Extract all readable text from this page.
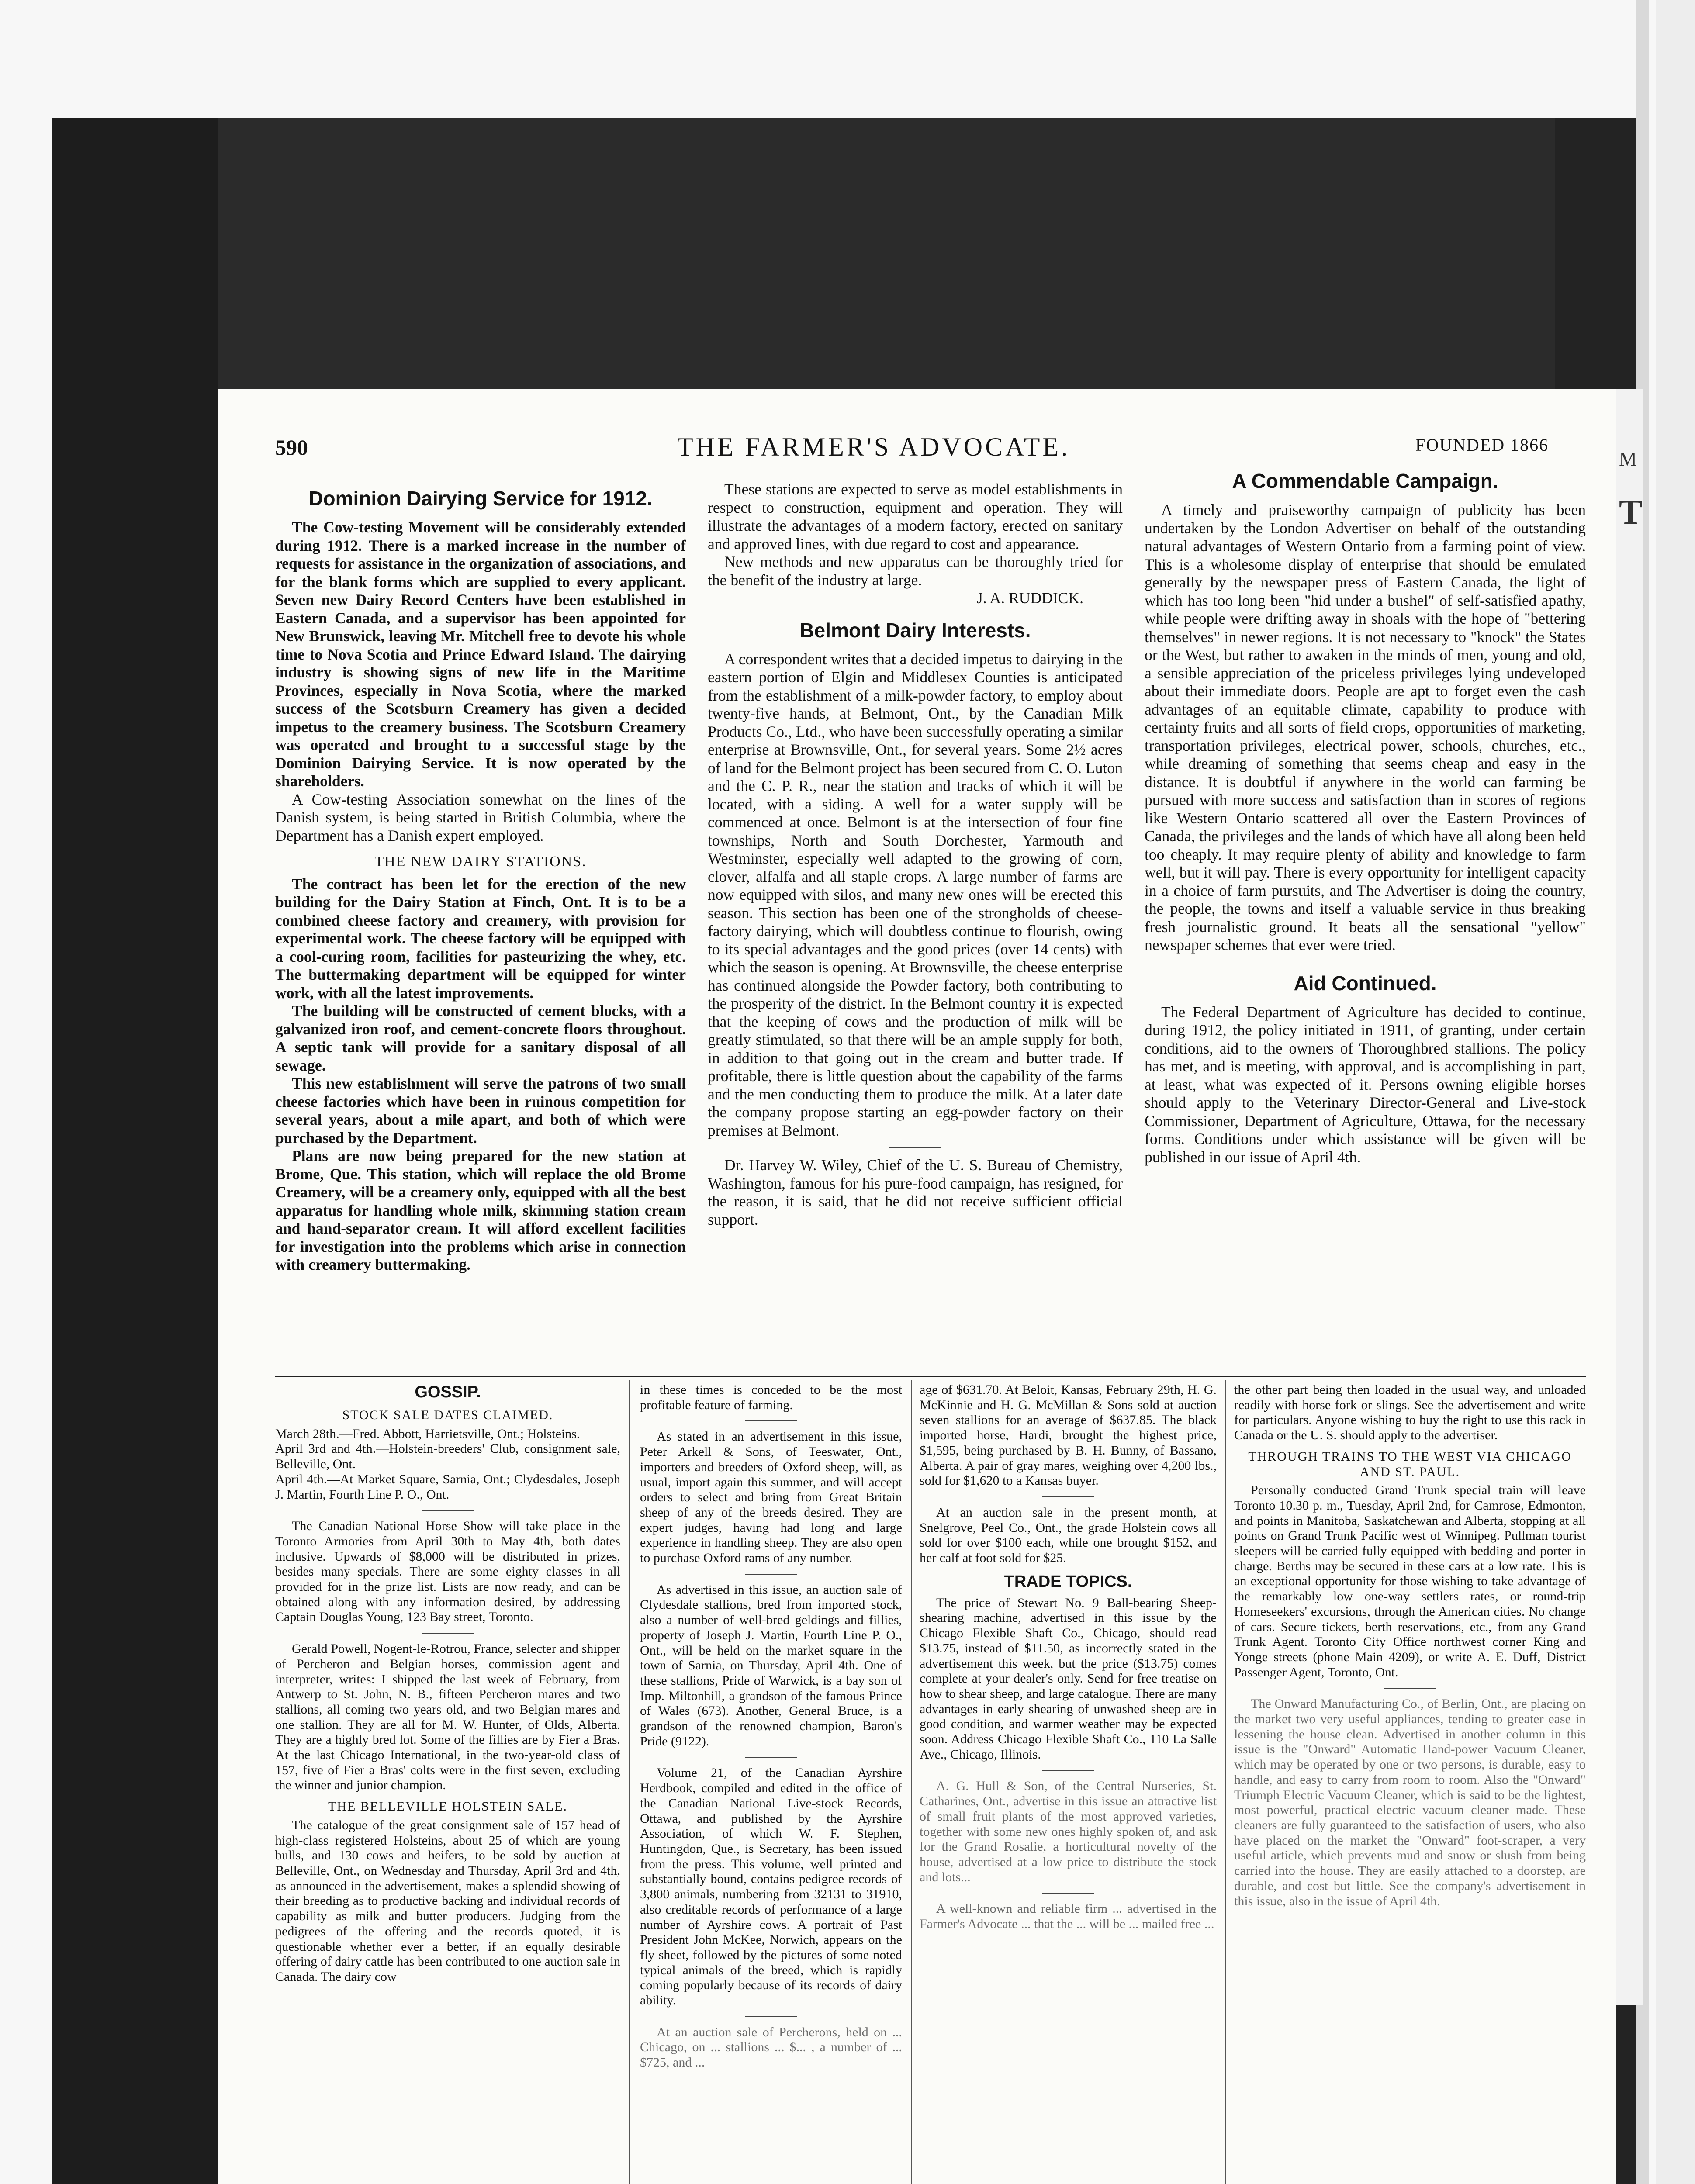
M
T
590	THE FARMER'S ADVOCATE.	FOUNDED 1866
Dominion Dairying Service for 1912.

The Cow-testing Movement will be considerably extended during 1912. There is a marked increase in the number of requests for assistance in the organization of associations, and for the blank forms which are supplied to every applicant. Seven new Dairy Record Centers have been established in Eastern Canada, and a supervisor has been appointed for New Brunswick, leaving Mr. Mitchell free to devote his whole time to Nova Scotia and Prince Edward Island. The dairying industry is showing signs of new life in the Maritime Provinces, especially in Nova Scotia, where the marked success of the Scotsburn Creamery has given a decided impetus to the creamery business. The Scotsburn Creamery was operated and brought to a successful stage by the Dominion Dairying Service. It is now operated by the shareholders.

A Cow-testing Association somewhat on the lines of the Danish system, is being started in British Columbia, where the Department has a Danish expert employed.

THE NEW DAIRY STATIONS.

The contract has been let for the erection of the new building for the Dairy Station at Finch, Ont. It is to be a combined cheese factory and creamery, with provision for experimental work. The cheese factory will be equipped with a cool-curing room, facilities for pasteurizing the whey, etc. The buttermaking department will be equipped for winter work, with all the latest improvements.

The building will be constructed of cement blocks, with a galvanized iron roof, and cement-concrete floors throughout. A septic tank will provide for a sanitary disposal of all sewage.

This new establishment will serve the patrons of two small cheese factories which have been in ruinous competition for several years, about a mile apart, and both of which were purchased by the Department.

Plans are now being prepared for the new station at Brome, Que. This station, which will replace the old Brome Creamery, will be a creamery only, equipped with all the best apparatus for handling whole milk, skimming station cream and hand-separator cream. It will afford excellent facilities for investigation into the problems which arise in connection with creamery buttermaking.

These stations are expected to serve as model establishments in respect to construction, equipment and operation. They will illustrate the advantages of a modern factory, erected on sanitary and approved lines, with due regard to cost and appearance.

New methods and new apparatus can be thoroughly tried for the benefit of the industry at large.

J. A. RUDDICK.

Belmont Dairy Interests.

A correspondent writes that a decided impetus to dairying in the eastern portion of Elgin and Middlesex Counties is anticipated from the establishment of a milk-powder factory, to employ about twenty-five hands, at Belmont, Ont., by the Canadian Milk Products Co., Ltd., who have been successfully operating a similar enterprise at Brownsville, Ont., for several years. Some 2½ acres of land for the Belmont project has been secured from C. O. Luton and the C. P. R., near the station and tracks of which it will be located, with a siding. A well for a water supply will be commenced at once. Belmont is at the intersection of four fine townships, North and South Dorchester, Yarmouth and Westminster, especially well adapted to the growing of corn, clover, alfalfa and all staple crops. A large number of farms are now equipped with silos, and many new ones will be erected this season. This section has been one of the strongholds of cheese-factory dairying, which will doubtless continue to flourish, owing to its special advantages and the good prices (over 14 cents) with which the season is opening. At Brownsville, the cheese enterprise has continued alongside the Powder factory, both contributing to the prosperity of the district. In the Belmont country it is expected that the keeping of cows and the production of milk will be greatly stimulated, so that there will be an ample supply for both, in addition to that going out in the cream and butter trade. If profitable, there is little question about the capability of the farms and the men conducting them to produce the milk. At a later date the company propose starting an egg-powder factory on their premises at Belmont.

Dr. Harvey W. Wiley, Chief of the U. S. Bureau of Chemistry, Washington, famous for his pure-food campaign, has resigned, for the reason, it is said, that he did not receive sufficient official support.

A Commendable Campaign.

A timely and praiseworthy campaign of publicity has been undertaken by the London Advertiser on behalf of the outstanding natural advantages of Western Ontario from a farming point of view. This is a wholesome display of enterprise that should be emulated generally by the newspaper press of Eastern Canada, the light of which has too long been "hid under a bushel" of self-satisfied apathy, while people were drifting away in shoals with the hope of "bettering themselves" in newer regions. It is not necessary to "knock" the States or the West, but rather to awaken in the minds of men, young and old, a sensible appreciation of the priceless privileges lying undeveloped about their immediate doors. People are apt to forget even the cash advantages of an equitable climate, capability to produce with certainty fruits and all sorts of field crops, opportunities of marketing, transportation privileges, electrical power, schools, churches, etc., while dreaming of something that seems cheap and easy in the distance. It is doubtful if anywhere in the world can farming be pursued with more success and satisfaction than in scores of regions like Western Ontario scattered all over the Eastern Provinces of Canada, the privileges and the lands of which have all along been held too cheaply. It may require plenty of ability and knowledge to farm well, but it will pay. There is every opportunity for intelligent capacity in a choice of farm pursuits, and The Advertiser is doing the country, the people, the towns and itself a valuable service in thus breaking fresh journalistic ground. It beats all the sensational "yellow" newspaper schemes that ever were tried.

Aid Continued.

The Federal Department of Agriculture has decided to continue, during 1912, the policy initiated in 1911, of granting, under certain conditions, aid to the owners of Thoroughbred stallions. The policy has met, and is meeting, with approval, and is accomplishing in part, at least, what was expected of it. Persons owning eligible horses should apply to the Veterinary Director-General and Live-stock Commissioner, Department of Agriculture, Ottawa, for the necessary forms. Conditions under which assistance will be given will be published in our issue of April 4th.

GOSSIP.
STOCK SALE DATES CLAIMED.

March 28th.—Fred. Abbott, Harrietsville, Ont.; Holsteins.

April 3rd and 4th.—Holstein-breeders' Club, consignment sale, Belleville, Ont.

April 4th.—At Market Square, Sarnia, Ont.; Clydesdales, Joseph J. Martin, Fourth Line P. O., Ont.

The Canadian National Horse Show will take place in the Toronto Armories from April 30th to May 4th, both dates inclusive. Upwards of $8,000 will be distributed in prizes, besides many specials. There are some eighty classes in all provided for in the prize list. Lists are now ready, and can be obtained along with any information desired, by addressing Captain Douglas Young, 123 Bay street, Toronto.

Gerald Powell, Nogent-le-Rotrou, France, selecter and shipper of Percheron and Belgian horses, commission agent and interpreter, writes: I shipped the last week of February, from Antwerp to St. John, N. B., fifteen Percheron mares and two stallions, all coming two years old, and two Belgian mares and one stallion. They are all for M. W. Hunter, of Olds, Alberta. They are a highly bred lot. Some of the fillies are by Fier a Bras. At the last Chicago International, in the two-year-old class of 157, five of Fier a Bras' colts were in the first seven, excluding the winner and junior champion.

THE BELLEVILLE HOLSTEIN SALE.

The catalogue of the great consignment sale of 157 head of high-class registered Holsteins, about 25 of which are young bulls, and 130 cows and heifers, to be sold by auction at Belleville, Ont., on Wednesday and Thursday, April 3rd and 4th, as announced in the advertisement, makes a splendid showing of their breeding as to productive backing and individual records of capability as milk and butter producers. Judging from the pedigrees of the offering and the records quoted, it is questionable whether ever a better, if an equally desirable offering of dairy cattle has been contributed to one auction sale in Canada. The dairy cow

in these times is conceded to be the most profitable feature of farming.

As stated in an advertisement in this issue, Peter Arkell & Sons, of Teeswater, Ont., importers and breeders of Oxford sheep, will, as usual, import again this summer, and will accept orders to select and bring from Great Britain sheep of any of the breeds desired. They are expert judges, having had long and large experience in handling sheep. They are also open to purchase Oxford rams of any number.

As advertised in this issue, an auction sale of Clydesdale stallions, bred from imported stock, also a number of well-bred geldings and fillies, property of Joseph J. Martin, Fourth Line P. O., Ont., will be held on the market square in the town of Sarnia, on Thursday, April 4th. One of these stallions, Pride of Warwick, is a bay son of Imp. Miltonhill, a grandson of the famous Prince of Wales (673). Another, General Bruce, is a grandson of the renowned champion, Baron's Pride (9122).

Volume 21, of the Canadian Ayrshire Herdbook, compiled and edited in the office of the Canadian National Live-stock Records, Ottawa, and published by the Ayrshire Association, of which W. F. Stephen, Huntingdon, Que., is Secretary, has been issued from the press. This volume, well printed and substantially bound, contains pedigree records of 3,800 animals, numbering from 32131 to 31910, also creditable records of performance of a large number of Ayrshire cows. A portrait of Past President John McKee, Norwich, appears on the fly sheet, followed by the pictures of some noted typical animals of the breed, which is rapidly coming popularly because of its records of dairy ability.

At an auction sale of Percherons, held on ... Chicago, on ... stallions ... $... , a number of ... $725, and ...

age of $631.70. At Beloit, Kansas, February 29th, H. G. McKinnie and H. G. McMillan & Sons sold at auction seven stallions for an average of $637.85. The black imported horse, Hardi, brought the highest price, $1,595, being purchased by B. H. Bunny, of Bassano, Alberta. A pair of gray mares, weighing over 4,200 lbs., sold for $1,620 to a Kansas buyer.

At an auction sale in the present month, at Snelgrove, Peel Co., Ont., the grade Holstein cows all sold for over $100 each, while one brought $152, and her calf at foot sold for $25.

TRADE TOPICS.

The price of Stewart No. 9 Ball-bearing Sheep-shearing machine, advertised in this issue by the Chicago Flexible Shaft Co., Chicago, should read $13.75, instead of $11.50, as incorrectly stated in the advertisement this week, but the price ($13.75) comes complete at your dealer's only. Send for free treatise on how to shear sheep, and large catalogue. There are many advantages in early shearing of unwashed sheep are in good condition, and warmer weather may be expected soon. Address Chicago Flexible Shaft Co., 110 La Salle Ave., Chicago, Illinois.

A. G. Hull & Son, of the Central Nurseries, St. Catharines, Ont., advertise in this issue an attractive list of small fruit plants of the most approved varieties, together with some new ones highly spoken of, and ask for the Grand Rosalie, a horticultural novelty of the house, advertised at a low price to distribute the stock and lots...

A well-known and reliable firm ... advertised in the Farmer's Advocate ... that the ... will be ... mailed free ...

the other part being then loaded in the usual way, and unloaded readily with horse fork or slings. See the advertisement and write for particulars. Anyone wishing to buy the right to use this rack in Canada or the U. S. should apply to the advertiser.

THROUGH TRAINS TO THE WEST VIA CHICAGO AND ST. PAUL.

Personally conducted Grand Trunk special train will leave Toronto 10.30 p. m., Tuesday, April 2nd, for Camrose, Edmonton, and points in Manitoba, Saskatchewan and Alberta, stopping at all points on Grand Trunk Pacific west of Winnipeg. Pullman tourist sleepers will be carried fully equipped with bedding and porter in charge. Berths may be secured in these cars at a low rate. This is an exceptional opportunity for those wishing to take advantage of the remarkably low one-way settlers rates, or round-trip Homeseekers' excursions, through the American cities. No change of cars. Secure tickets, berth reservations, etc., from any Grand Trunk Agent. Toronto City Office northwest corner King and Yonge streets (phone Main 4209), or write A. E. Duff, District Passenger Agent, Toronto, Ont.

The Onward Manufacturing Co., of Berlin, Ont., are placing on the market two very useful appliances, tending to greater ease in lessening the house clean. Advertised in another column in this issue is the "Onward" Automatic Hand-power Vacuum Cleaner, which may be operated by one or two persons, is durable, easy to handle, and easy to carry from room to room. Also the "Onward" Triumph Electric Vacuum Cleaner, which is said to be the lightest, most powerful, practical electric vacuum cleaner made. These cleaners are fully guaranteed to the satisfaction of users, who also have placed on the market the "Onward" foot-scraper, a very useful article, which prevents mud and snow or slush from being carried into the house. They are easily attached to a doorstep, are durable, and cost but little. See the company's advertisement in this issue, also in the issue of April 4th.
